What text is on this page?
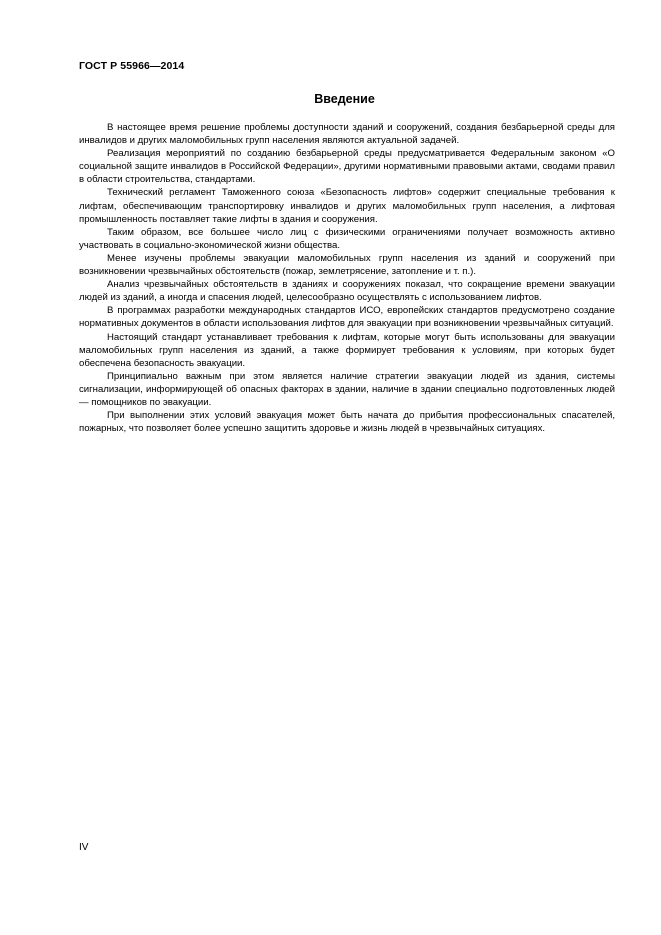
ГОСТ Р 55966—2014
Введение

В настоящее время решение проблемы доступности зданий и сооружений, создания безбарьерной среды для инвалидов и других маломобильных групп населения являются актуальной задачей.

Реализация мероприятий по созданию безбарьерной среды предусматривается Федеральным законом «О социальной защите инвалидов в Российской Федерации», другими нормативными правовыми актами, сводами правил в области строительства, стандартами.

Технический регламент Таможенного союза «Безопасность лифтов» содержит специальные требования к лифтам, обеспечивающим транспортировку инвалидов и других маломобильных групп населения, а лифтовая промышленность поставляет такие лифты в здания и сооружения.

Таким образом, все большее число лиц с физическими ограничениями получает возможность активно участвовать в социально-экономической жизни общества.

Менее изучены проблемы эвакуации маломобильных групп населения из зданий и сооружений при возникновении чрезвычайных обстоятельств (пожар, землетрясение, затопление и т. п.).

Анализ чрезвычайных обстоятельств в зданиях и сооружениях показал, что сокращение времени эвакуации людей из зданий, а иногда и спасения людей, целесообразно осуществлять с использованием лифтов.

В программах разработки международных стандартов ИСО, европейских стандартов предусмотрено создание нормативных документов в области использования лифтов для эвакуации при возникновении чрезвычайных ситуаций.

Настоящий стандарт устанавливает требования к лифтам, которые могут быть использованы для эвакуации маломобильных групп населения из зданий, а также формирует требования к условиям, при которых будет обеспечена безопасность эвакуации.

Принципиально важным при этом является наличие стратегии эвакуации людей из здания, системы сигнализации, информирующей об опасных факторах в здании, наличие в здании специально подготовленных людей — помощников по эвакуации.

При выполнении этих условий эвакуация может быть начата до прибытия профессиональных спасателей, пожарных, что позволяет более успешно защитить здоровье и жизнь людей в чрезвычайных ситуациях.

IV
